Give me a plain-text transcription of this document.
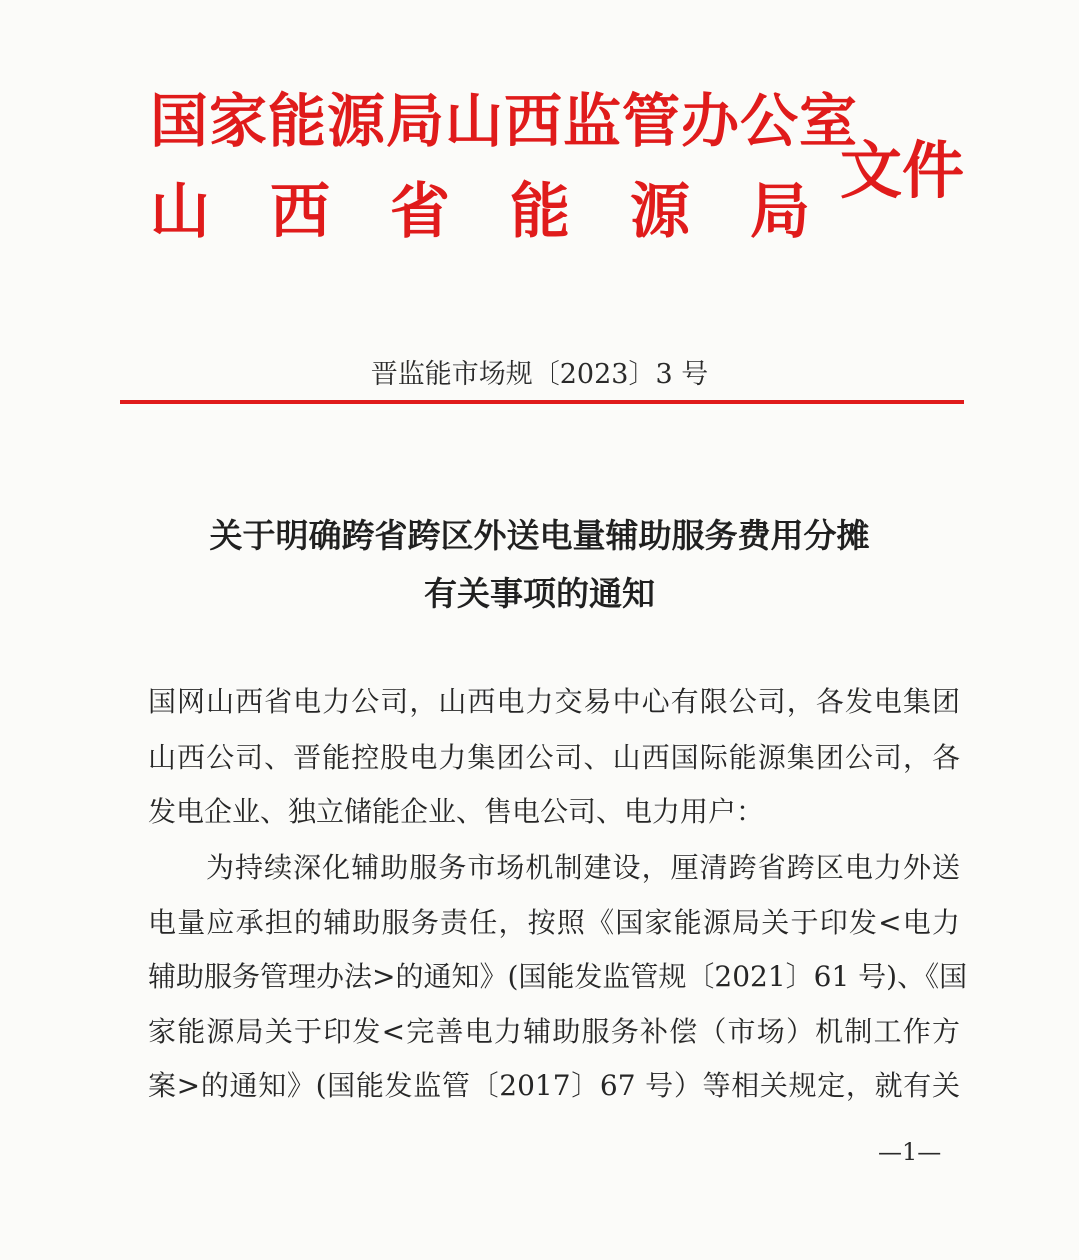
国家能源局山西监管办公室
山 西 省 能 源 局
文件
晋监能市场规〔2023〕3 号
关于明确跨省跨区外送电量辅助服务费用分摊
有关事项的通知
国网山西省电力公司，山西电力交易中心有限公司，各发电集团
山西公司、晋能控股电力集团公司、山西国际能源集团公司，各
发电企业、独立储能企业、售电公司、电力用户：
为持续深化辅助服务市场机制建设，厘清跨省跨区电力外送
电量应承担的辅助服务责任，按照《国家能源局关于印发<电力
辅助服务管理办法>的通知》(国能发监管规〔2021〕61 号)、《国
家能源局关于印发<完善电力辅助服务补偿（市场）机制工作方
案>的通知》(国能发监管〔2017〕67 号）等相关规定，就有关
—1—
